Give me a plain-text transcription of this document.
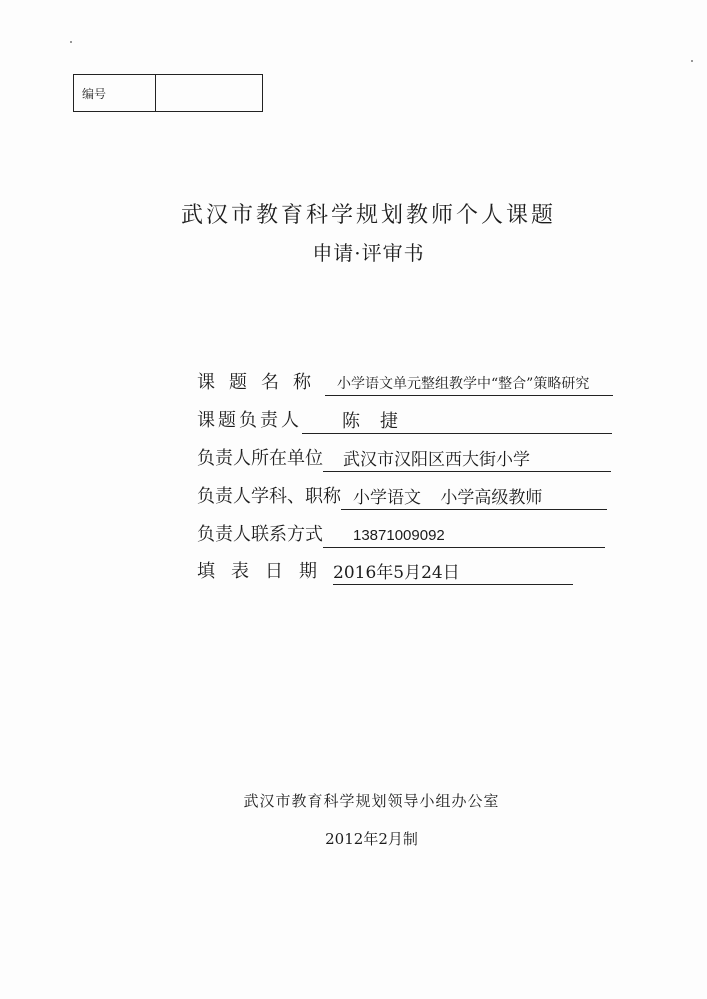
编号
武汉市教育科学规划教师个人课题
申请·评审书
课题名称 小学语文单元整组教学中“整合”策略研究
课题负责人	陈捷
负责人所在单位	武汉市汉阳区西大街小学
负责人学科、职称 小学语文 小学高级教师
负责人联系方式	13871009092
填表日期 2016年5月24日
武汉市教育科学规划领导小组办公室
2012年2月制
